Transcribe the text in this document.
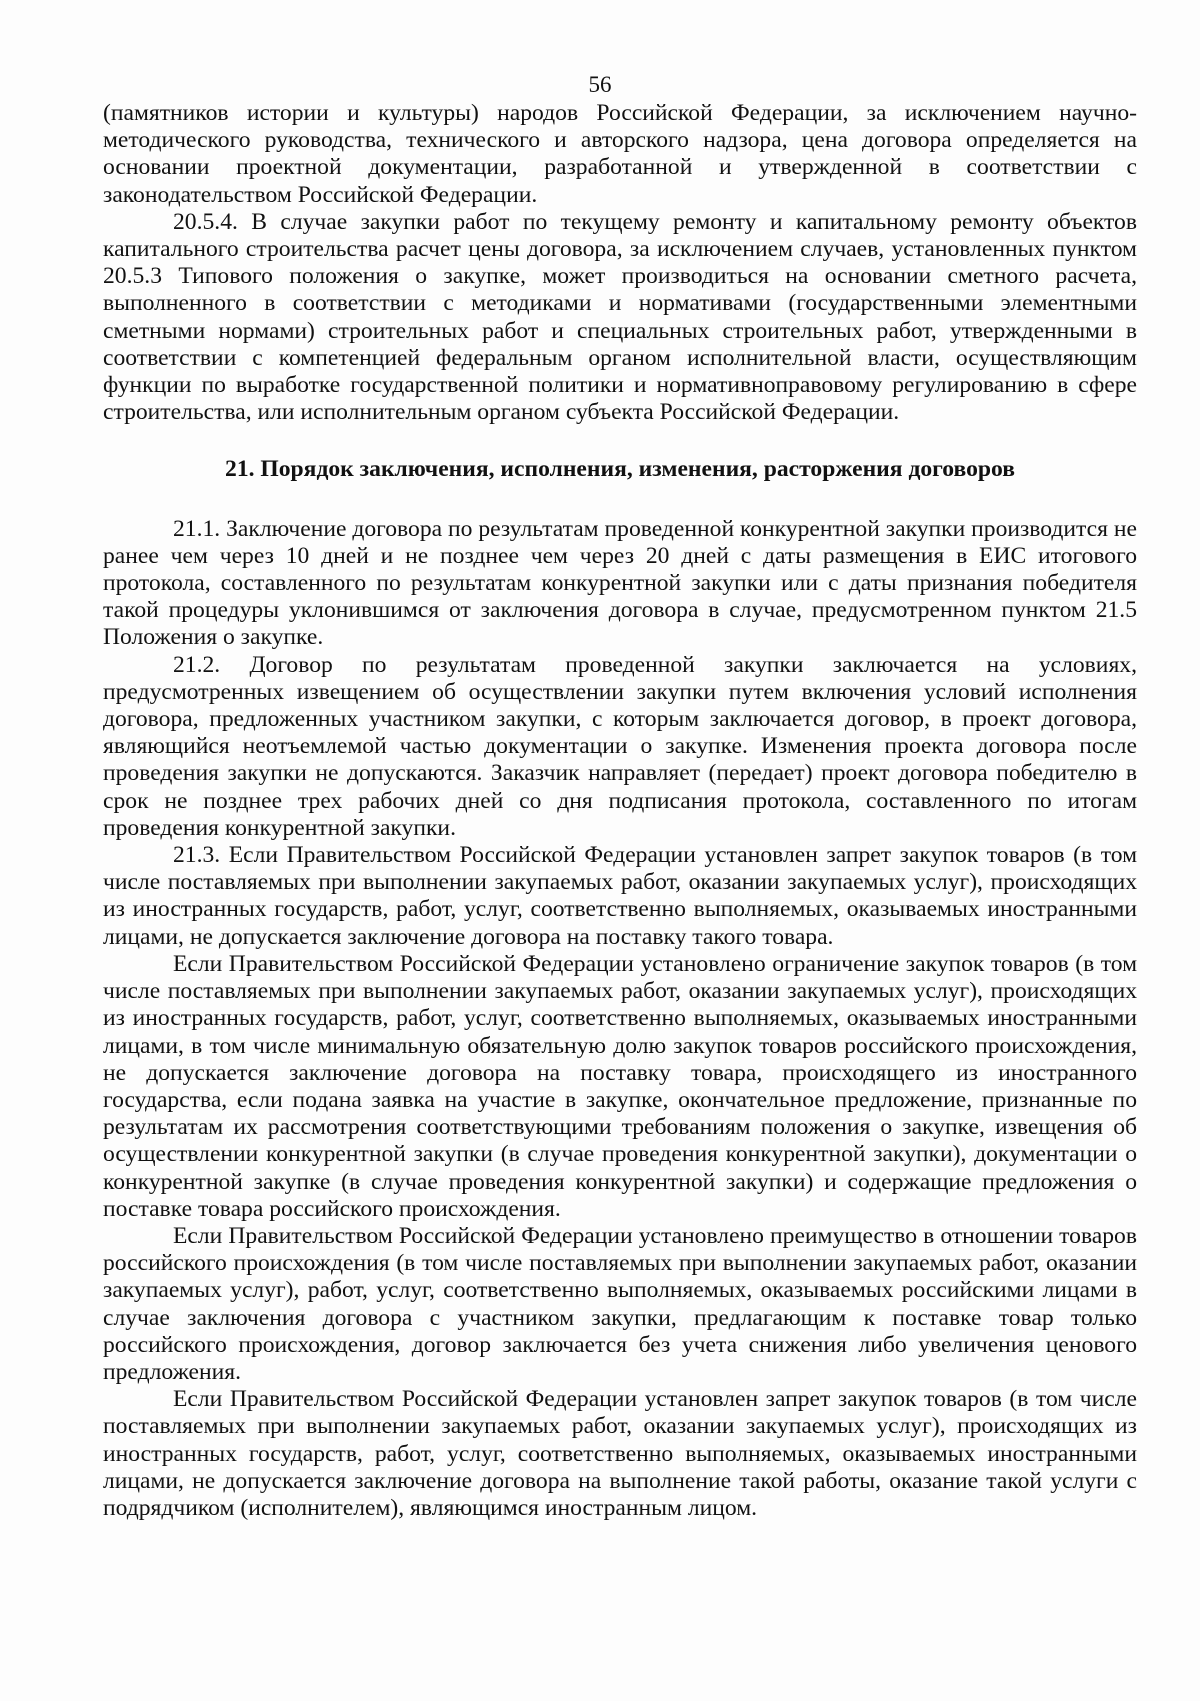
56

(памятников истории и культуры) народов Российской Федерации, за исключением научно-методического руководства, технического и авторского надзора, цена договора определяется на основании проектной документации, разработанной и утвержденной в соответствии с законодательством Российской Федерации.

20.5.4. В случае закупки работ по текущему ремонту и капитальному ремонту объектов капитального строительства расчет цены договора, за исключением случаев, установленных пунктом 20.5.3 Типового положения о закупке, может производиться на основании сметного расчета, выполненного в соответствии с методиками и нормативами (государственными элементными сметными нормами) строительных работ и специальных строительных работ, утвержденными в соответствии с компетенцией федеральным органом исполнительной власти, осуществляющим функции по выработке государственной политики и нормативноправовому регулированию в сфере строительства, или исполнительным органом субъекта Российской Федерации.

21. Порядок заключения, исполнения, изменения, расторжения договоров

21.1. Заключение договора по результатам проведенной конкурентной закупки производится не ранее чем через 10 дней и не позднее чем через 20 дней с даты размещения в ЕИС итогового протокола, составленного по результатам конкурентной закупки или с даты признания победителя такой процедуры уклонившимся от заключения договора в случае, предусмотренном пунктом 21.5 Положения о закупке.

21.2. Договор по результатам проведенной закупки заключается на условиях, предусмотренных извещением об осуществлении закупки путем включения условий исполнения договора, предложенных участником закупки, с которым заключается договор, в проект договора, являющийся неотъемлемой частью документации о закупке. Изменения проекта договора после проведения закупки не допускаются. Заказчик направляет (передает) проект договора победителю в срок не позднее трех рабочих дней со дня подписания протокола, составленного по итогам проведения конкурентной закупки.

21.3. Если Правительством Российской Федерации установлен запрет закупок товаров (в том числе поставляемых при выполнении закупаемых работ, оказании закупаемых услуг), происходящих из иностранных государств, работ, услуг, соответственно выполняемых, оказываемых иностранными лицами, не допускается заключение договора на поставку такого товара.

Если Правительством Российской Федерации установлено ограничение закупок товаров (в том числе поставляемых при выполнении закупаемых работ, оказании закупаемых услуг), происходящих из иностранных государств, работ, услуг, соответственно выполняемых, оказываемых иностранными лицами, в том числе минимальную обязательную долю закупок товаров российского происхождения, не допускается заключение договора на поставку товара, происходящего из иностранного государства, если подана заявка на участие в закупке, окончательное предложение, признанные по результатам их рассмотрения соответствующими требованиям положения о закупке, извещения об осуществлении конкурентной закупки (в случае проведения конкурентной закупки), документации о конкурентной закупке (в случае проведения конкурентной закупки) и содержащие предложения о поставке товара российского происхождения.

Если Правительством Российской Федерации установлено преимущество в отношении товаров российского происхождения (в том числе поставляемых при выполнении закупаемых работ, оказании закупаемых услуг), работ, услуг, соответственно выполняемых, оказываемых российскими лицами в случае заключения договора с участником закупки, предлагающим к поставке товар только российского происхождения, договор заключается без учета снижения либо увеличения ценового предложения.

Если Правительством Российской Федерации установлен запрет закупок товаров (в том числе поставляемых при выполнении закупаемых работ, оказании закупаемых услуг), происходящих из иностранных государств, работ, услуг, соответственно выполняемых, оказываемых иностранными лицами, не допускается заключение договора на выполнение такой работы, оказание такой услуги с подрядчиком (исполнителем), являющимся иностранным лицом.
